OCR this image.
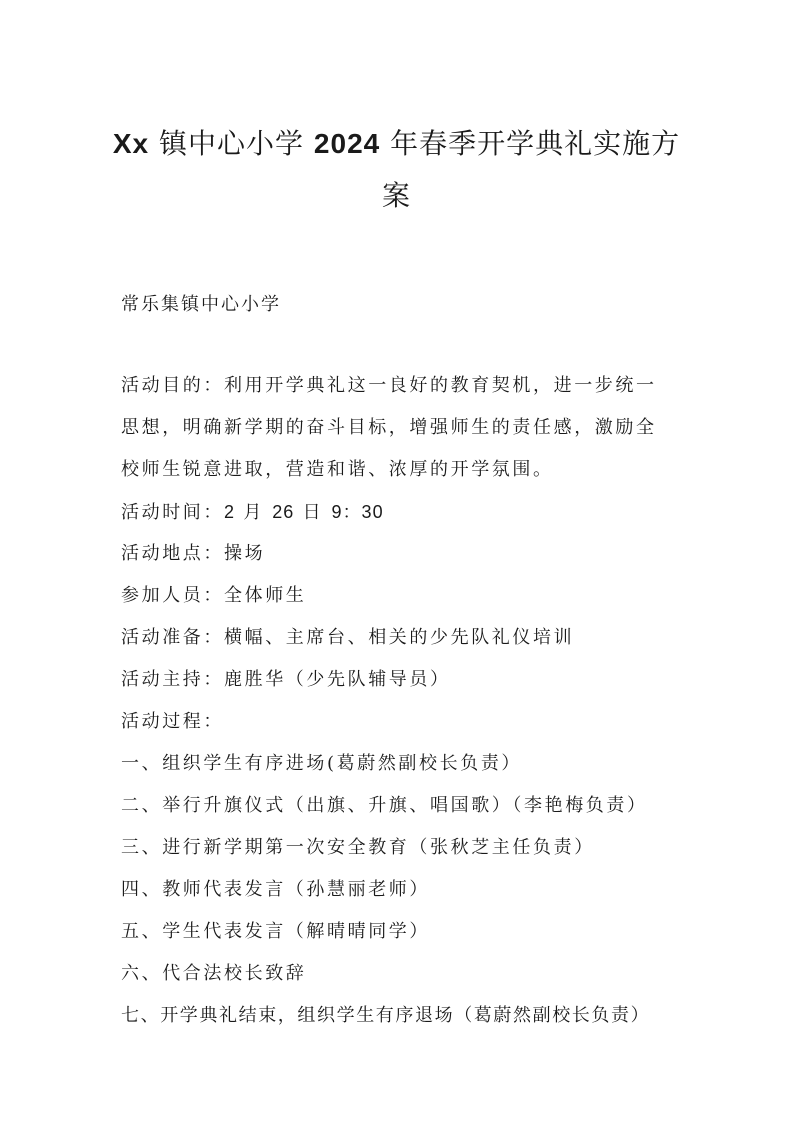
Xx 镇中心小学 2024 年春季开学典礼实施方
案
常乐集镇中心小学
活动目的：利用开学典礼这一良好的教育契机，进一步统一
思想，明确新学期的奋斗目标，增强师生的责任感，激励全
校师生锐意进取，营造和谐、浓厚的开学氛围。
活动时间：2 月 26 日 9：30
活动地点：操场
参加人员：全体师生
活动准备：横幅、主席台、相关的少先队礼仪培训
活动主持：鹿胜华（少先队辅导员）
活动过程：
一、组织学生有序进场(葛蔚然副校长负责）
二、举行升旗仪式（出旗、升旗、唱国歌）（李艳梅负责）
三、进行新学期第一次安全教育（张秋芝主任负责）
四、教师代表发言（孙慧丽老师）
五、学生代表发言（解晴晴同学）
六、代合法校长致辞
七、开学典礼结束，组织学生有序退场（葛蔚然副校长负责）
